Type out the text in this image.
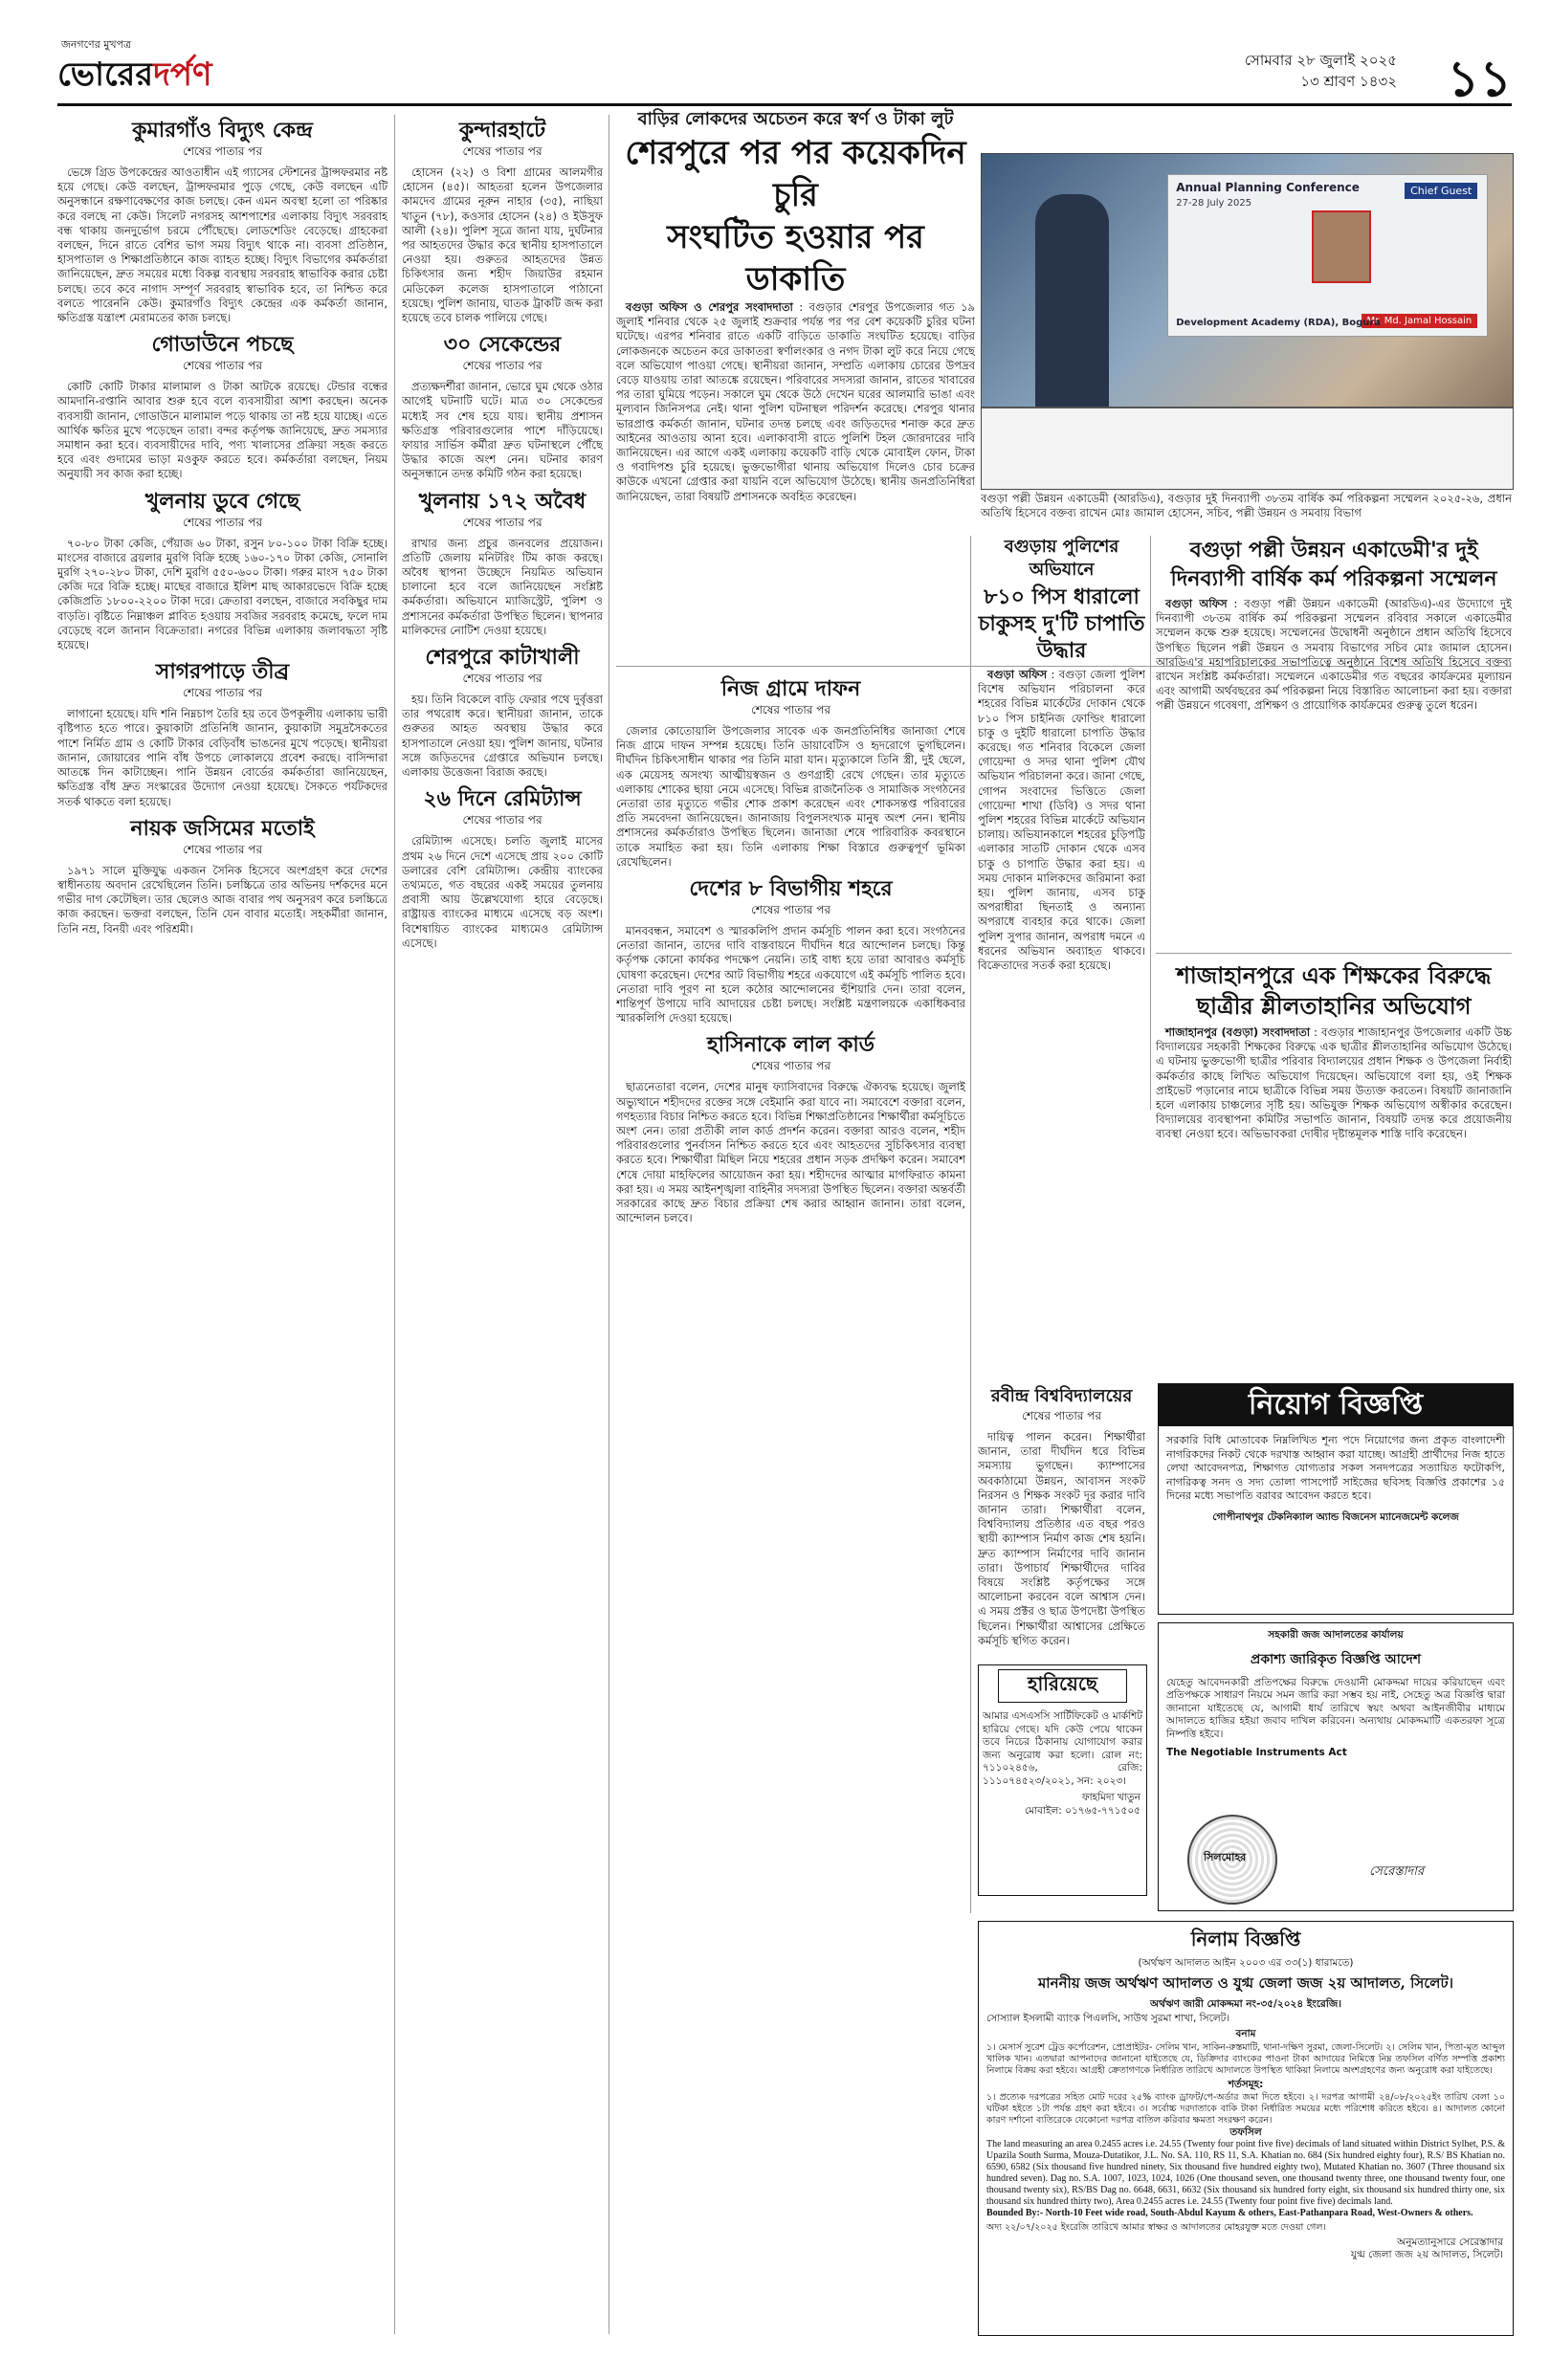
জনগণের মুখপত্র
ভোরেরদর্পণ	সোমবার ২৮ জুলাই ২০২৫
১৩ শ্রাবণ ১৪৩২ ১১
কুমারগাঁও বিদ্যুৎ কেন্দ্র
শেষের পাতার পর

ভেঙ্গে গ্রিড উপকেন্দ্রের আওতাধীন এই গ্যাসের স্টেশনের ট্রান্সফরমার নষ্ট হয়ে গেছে। কেউ বলছেন, ট্রান্সফরমার পুড়ে গেছে, কেউ বলছেন এটি অনুসন্ধানে রক্ষণাবেক্ষণের কাজ চলছে। কেন এমন অবস্থা হলো তা পরিষ্কার করে বলছে না কেউ। সিলেট নগরসহ আশপাশের এলাকায় বিদ্যুৎ সরবরাহ বন্ধ থাকায় জনদুর্ভোগ চরমে পৌঁছেছে। লোডশেডিং বেড়েছে। গ্রাহকেরা বলছেন, দিনে রাতে বেশির ভাগ সময় বিদ্যুৎ থাকে না। ব্যবসা প্রতিষ্ঠান, হাসপাতাল ও শিক্ষাপ্রতিষ্ঠানে কাজ ব্যাহত হচ্ছে। বিদ্যুৎ বিভাগের কর্মকর্তারা জানিয়েছেন, দ্রুত সময়ের মধ্যে বিকল্প ব্যবস্থায় সরবরাহ স্বাভাবিক করার চেষ্টা চলছে। তবে কবে নাগাদ সম্পূর্ণ সরবরাহ স্বাভাবিক হবে, তা নিশ্চিত করে বলতে পারেননি কেউ। কুমারগাঁও বিদ্যুৎ কেন্দ্রের এক কর্মকর্তা জানান, ক্ষতিগ্রস্ত যন্ত্রাংশ মেরামতের কাজ চলছে।

গোডাউনে পচছে
শেষের পাতার পর

কোটি কোটি টাকার মালামাল ও টাকা আটকে রয়েছে। টেন্ডার বন্ধের আমদানি-রপ্তানি আবার শুরু হবে বলে ব্যবসায়ীরা আশা করছেন। অনেক ব্যবসায়ী জানান, গোডাউনে মালামাল পড়ে থাকায় তা নষ্ট হয়ে যাচ্ছে। এতে আর্থিক ক্ষতির মুখে পড়েছেন তারা। বন্দর কর্তৃপক্ষ জানিয়েছে, দ্রুত সমস্যার সমাধান করা হবে। ব্যবসায়ীদের দাবি, পণ্য খালাসের প্রক্রিয়া সহজ করতে হবে এবং গুদামের ভাড়া মওকুফ করতে হবে। কর্মকর্তারা বলছেন, নিয়ম অনুযায়ী সব কাজ করা হচ্ছে।

খুলনায় ডুবে গেছে
শেষের পাতার পর

৭০-৮০ টাকা কেজি, পেঁয়াজ ৬০ টাকা, রসুন ৮০-১০০ টাকা বিক্রি হচ্ছে। মাংসের বাজারে ব্রয়লার মুরগি বিক্রি হচ্ছে ১৬০-১৭০ টাকা কেজি, সোনালি মুরগি ২৭০-২৮০ টাকা, দেশি মুরগি ৫৫০-৬০০ টাকা। গরুর মাংস ৭৫০ টাকা কেজি দরে বিক্রি হচ্ছে। মাছের বাজারে ইলিশ মাছ আকারভেদে বিক্রি হচ্ছে কেজিপ্রতি ১৮০০-২২০০ টাকা দরে। ক্রেতারা বলছেন, বাজারে সবকিছুর দাম বাড়তি। বৃষ্টিতে নিম্নাঞ্চল প্লাবিত হওয়ায় সবজির সরবরাহ কমেছে, ফলে দাম বেড়েছে বলে জানান বিক্রেতারা। নগরের বিভিন্ন এলাকায় জলাবদ্ধতা সৃষ্টি হয়েছে।

সাগরপাড়ে তীব্র
শেষের পাতার পর

লাগানো হয়েছে। যদি শনি নিম্নচাপ তৈরি হয় তবে উপকূলীয় এলাকায় ভারী বৃষ্টিপাত হতে পারে। কুয়াকাটা প্রতিনিধি জানান, কুয়াকাটা সমুদ্রসৈকতের পাশে নির্মিত গ্রাম ও কোটি টাকার বেড়িবাঁধ ভাঙনের মুখে পড়েছে। স্থানীয়রা জানান, জোয়ারের পানি বাঁধ উপচে লোকালয়ে প্রবেশ করছে। বাসিন্দারা আতঙ্কে দিন কাটাচ্ছেন। পানি উন্নয়ন বোর্ডের কর্মকর্তারা জানিয়েছেন, ক্ষতিগ্রস্ত বাঁধ দ্রুত সংস্কারের উদ্যোগ নেওয়া হয়েছে। সৈকতে পর্যটকদের সতর্ক থাকতে বলা হয়েছে।

নায়ক জসিমের মতোই
শেষের পাতার পর

১৯৭১ সালে মুক্তিযুদ্ধ একজন সৈনিক হিসেবে অংশগ্রহণ করে দেশের স্বাধীনতায় অবদান রেখেছিলেন তিনি। চলচ্চিত্রে তার অভিনয় দর্শকদের মনে গভীর দাগ কেটেছিল। তার ছেলেও আজ বাবার পথ অনুসরণ করে চলচ্চিত্রে কাজ করছেন। ভক্তরা বলছেন, তিনি যেন বাবার মতোই। সহকর্মীরা জানান, তিনি নম্র, বিনয়ী এবং পরিশ্রমী।

কুন্দারহাটে
শেষের পাতার পর

হোসেন (২২) ও বিশা গ্রামের আলমগীর হোসেন (৪৫)। আহতরা হলেন উপজেলার কামদেব গ্রামের নূরুন নাহার (৩৫), নাছিয়া খাতুন (৭৮), কওসার হোসেন (২৪) ও ইউসুফ আলী (২৪)। পুলিশ সূত্রে জানা যায়, দুর্ঘটনার পর আহতদের উদ্ধার করে স্থানীয় হাসপাতালে নেওয়া হয়। গুরুতর আহতদের উন্নত চিকিৎসার জন্য শহীদ জিয়াউর রহমান মেডিকেল কলেজ হাসপাতালে পাঠানো হয়েছে। পুলিশ জানায়, ঘাতক ট্রাকটি জব্দ করা হয়েছে তবে চালক পালিয়ে গেছে।

৩০ সেকেন্ডের
শেষের পাতার পর

প্রত্যক্ষদর্শীরা জানান, ভোরে ঘুম থেকে ওঠার আগেই ঘটনাটি ঘটে। মাত্র ৩০ সেকেন্ডের মধ্যেই সব শেষ হয়ে যায়। স্থানীয় প্রশাসন ক্ষতিগ্রস্ত পরিবারগুলোর পাশে দাঁড়িয়েছে। ফায়ার সার্ভিস কর্মীরা দ্রুত ঘটনাস্থলে পৌঁছে উদ্ধার কাজে অংশ নেন। ঘটনার কারণ অনুসন্ধানে তদন্ত কমিটি গঠন করা হয়েছে।

খুলনায় ১৭২ অবৈধ
শেষের পাতার পর

রাখার জন্য প্রচুর জনবলের প্রয়োজন। প্রতিটি জেলায় মনিটরিং টিম কাজ করছে। অবৈধ স্থাপনা উচ্ছেদে নিয়মিত অভিযান চালানো হবে বলে জানিয়েছেন সংশ্লিষ্ট কর্মকর্তারা। অভিযানে ম্যাজিস্ট্রেট, পুলিশ ও প্রশাসনের কর্মকর্তারা উপস্থিত ছিলেন। স্থাপনার মালিকদের নোটিশ দেওয়া হয়েছে।

শেরপুরে কাটাখালী
শেষের পাতার পর

হয়। তিনি বিকেলে বাড়ি ফেরার পথে দুর্বৃত্তরা তার পথরোধ করে। স্থানীয়রা জানান, তাকে গুরুতর আহত অবস্থায় উদ্ধার করে হাসপাতালে নেওয়া হয়। পুলিশ জানায়, ঘটনার সঙ্গে জড়িতদের গ্রেপ্তারে অভিযান চলছে। এলাকায় উত্তেজনা বিরাজ করছে।

২৬ দিনে রেমিট্যান্স
শেষের পাতার পর

রেমিট্যান্স এসেছে। চলতি জুলাই মাসের প্রথম ২৬ দিনে দেশে এসেছে প্রায় ২০০ কোটি ডলারের বেশি রেমিট্যান্স। কেন্দ্রীয় ব্যাংকের তথ্যমতে, গত বছরের একই সময়ের তুলনায় প্রবাসী আয় উল্লেখযোগ্য হারে বেড়েছে। রাষ্ট্রায়ত্ত ব্যাংকের মাধ্যমে এসেছে বড় অংশ। বিশেষায়িত ব্যাংকের মাধ্যমেও রেমিট্যান্স এসেছে।

বাড়ির লোকদের অচেতন করে স্বর্ণ ও টাকা লুট

শেরপুরে পর পর কয়েকদিন চুরি

সংঘটিত হওয়ার পর ডাকাতি

বগুড়া অফিস ও শেরপুর সংবাদদাতা : বগুড়ার শেরপুর উপজেলার গত ১৯ জুলাই শনিবার থেকে ২৫ জুলাই শুক্রবার পর্যন্ত পর পর বেশ কয়েকটি চুরির ঘটনা ঘটেছে। এরপর শনিবার রাতে একটি বাড়িতে ডাকাতি সংঘটিত হয়েছে। বাড়ির লোকজনকে অচেতন করে ডাকাতরা স্বর্ণালংকার ও নগদ টাকা লুট করে নিয়ে গেছে বলে অভিযোগ পাওয়া গেছে। স্থানীয়রা জানান, সম্প্রতি এলাকায় চোরের উপদ্রব বেড়ে যাওয়ায় তারা আতঙ্কে রয়েছেন। পরিবারের সদস্যরা জানান, রাতের খাবারের পর তারা ঘুমিয়ে পড়েন। সকালে ঘুম থেকে উঠে দেখেন ঘরের আলমারি ভাঙা এবং মূল্যবান জিনিসপত্র নেই। থানা পুলিশ ঘটনাস্থল পরিদর্শন করেছে। শেরপুর থানার ভারপ্রাপ্ত কর্মকর্তা জানান, ঘটনার তদন্ত চলছে এবং জড়িতদের শনাক্ত করে দ্রুত আইনের আওতায় আনা হবে। এলাকাবাসী রাতে পুলিশি টহল জোরদারের দাবি জানিয়েছেন। এর আগে একই এলাকায় কয়েকটি বাড়ি থেকে মোবাইল ফোন, টাকা ও গবাদিপশু চুরি হয়েছে। ভুক্তভোগীরা থানায় অভিযোগ দিলেও চোর চক্রের কাউকে এখনো গ্রেপ্তার করা যায়নি বলে অভিযোগ উঠেছে। স্থানীয় জনপ্রতিনিধিরা জানিয়েছেন, তারা বিষয়টি প্রশাসনকে অবহিত করেছেন।

Annual Planning Conference
27-28 July 2025
Chief Guest
Mr. Md. Jamal Hossain
Development Academy (RDA), Bogura
বগুড়া পল্লী উন্নয়ন একাডেমী (আরডিএ), বগুড়ার দুই দিনব্যাপী ৩৮তম বার্ষিক কর্ম পরিকল্পনা সম্মেলন ২০২৫-২৬, প্রধান অতিথি হিসেবে বক্তব্য রাখেন মোঃ জামাল হোসেন, সচিব, পল্লী উন্নয়ন ও সমবায় বিভাগ
নিজ গ্রামে দাফন
শেষের পাতার পর

জেলার কোতোয়ালি উপজেলার সাবেক এক জনপ্রতিনিধির জানাজা শেষে নিজ গ্রামে দাফন সম্পন্ন হয়েছে। তিনি ডায়াবেটিস ও হৃদরোগে ভুগছিলেন। দীর্ঘদিন চিকিৎসাধীন থাকার পর তিনি মারা যান। মৃত্যুকালে তিনি স্ত্রী, দুই ছেলে, এক মেয়েসহ অসংখ্য আত্মীয়স্বজন ও গুণগ্রাহী রেখে গেছেন। তার মৃত্যুতে এলাকায় শোকের ছায়া নেমে এসেছে। বিভিন্ন রাজনৈতিক ও সামাজিক সংগঠনের নেতারা তার মৃত্যুতে গভীর শোক প্রকাশ করেছেন এবং শোকসন্তপ্ত পরিবারের প্রতি সমবেদনা জানিয়েছেন। জানাজায় বিপুলসংখ্যক মানুষ অংশ নেন। স্থানীয় প্রশাসনের কর্মকর্তারাও উপস্থিত ছিলেন। জানাজা শেষে পারিবারিক কবরস্থানে তাকে সমাহিত করা হয়। তিনি এলাকায় শিক্ষা বিস্তারে গুরুত্বপূর্ণ ভূমিকা রেখেছিলেন।

দেশের ৮ বিভাগীয় শহরে
শেষের পাতার পর

মানববন্ধন, সমাবেশ ও স্মারকলিপি প্রদান কর্মসূচি পালন করা হবে। সংগঠনের নেতারা জানান, তাদের দাবি বাস্তবায়নে দীর্ঘদিন ধরে আন্দোলন চলছে। কিন্তু কর্তৃপক্ষ কোনো কার্যকর পদক্ষেপ নেয়নি। তাই বাধ্য হয়ে তারা আবারও কর্মসূচি ঘোষণা করেছেন। দেশের আট বিভাগীয় শহরে একযোগে এই কর্মসূচি পালিত হবে। নেতারা দাবি পূরণ না হলে কঠোর আন্দোলনের হুঁশিয়ারি দেন। তারা বলেন, শান্তিপূর্ণ উপায়ে দাবি আদায়ের চেষ্টা চলছে। সংশ্লিষ্ট মন্ত্রণালয়কে একাধিকবার স্মারকলিপি দেওয়া হয়েছে।

হাসিনাকে লাল কার্ড
শেষের পাতার পর

ছাত্রনেতারা বলেন, দেশের মানুষ ফ্যাসিবাদের বিরুদ্ধে ঐক্যবদ্ধ হয়েছে। জুলাই অভ্যুত্থানে শহীদদের রক্তের সঙ্গে বেইমানি করা যাবে না। সমাবেশে বক্তারা বলেন, গণহত্যার বিচার নিশ্চিত করতে হবে। বিভিন্ন শিক্ষাপ্রতিষ্ঠানের শিক্ষার্থীরা কর্মসূচিতে অংশ নেন। তারা প্রতীকী লাল কার্ড প্রদর্শন করেন। বক্তারা আরও বলেন, শহীদ পরিবারগুলোর পুনর্বাসন নিশ্চিত করতে হবে এবং আহতদের সুচিকিৎসার ব্যবস্থা করতে হবে। শিক্ষার্থীরা মিছিল নিয়ে শহরের প্রধান সড়ক প্রদক্ষিণ করেন। সমাবেশ শেষে দোয়া মাহফিলের আয়োজন করা হয়। শহীদদের আত্মার মাগফিরাত কামনা করা হয়। এ সময় আইনশৃঙ্খলা বাহিনীর সদস্যরা উপস্থিত ছিলেন। বক্তারা অন্তর্বর্তী সরকারের কাছে দ্রুত বিচার প্রক্রিয়া শেষ করার আহ্বান জানান। তারা বলেন, আন্দোলন চলবে।

বগুড়ায় পুলিশের অভিযানে

৮১০ পিস ধারালো চাকুসহ দু'টি চাপাতি উদ্ধার

বগুড়া অফিস : বগুড়া জেলা পুলিশ বিশেষ অভিযান পরিচালনা করে শহরের বিভিন্ন মার্কেটের দোকান থেকে ৮১০ পিস চাইনিজ ফোল্ডিং ধারালো চাকু ও দুইটি ধারালো চাপাতি উদ্ধার করেছে। গত শনিবার বিকেলে জেলা গোয়েন্দা ও সদর থানা পুলিশ যৌথ অভিযান পরিচালনা করে। জানা গেছে, গোপন সংবাদের ভিত্তিতে জেলা গোয়েন্দা শাখা (ডিবি) ও সদর থানা পুলিশ শহরের বিভিন্ন মার্কেটে অভিযান চালায়। অভিযানকালে শহরের চুড়িপট্টি এলাকার সাতটি দোকান থেকে এসব চাকু ও চাপাতি উদ্ধার করা হয়। এ সময় দোকান মালিকদের জরিমানা করা হয়। পুলিশ জানায়, এসব চাকু অপরাধীরা ছিনতাই ও অন্যান্য অপরাধে ব্যবহার করে থাকে। জেলা পুলিশ সুপার জানান, অপরাধ দমনে এ ধরনের অভিযান অব্যাহত থাকবে। বিক্রেতাদের সতর্ক করা হয়েছে।

বগুড়া পল্লী উন্নয়ন একাডেমী'র দুই দিনব্যাপী বার্ষিক কর্ম পরিকল্পনা সম্মেলন

বগুড়া অফিস : বগুড়া পল্লী উন্নয়ন একাডেমী (আরডিএ)-এর উদ্যোগে দুই দিনব্যাপী ৩৮তম বার্ষিক কর্ম পরিকল্পনা সম্মেলন রবিবার সকালে একাডেমীর সম্মেলন কক্ষে শুরু হয়েছে। সম্মেলনের উদ্বোধনী অনুষ্ঠানে প্রধান অতিথি হিসেবে উপস্থিত ছিলেন পল্লী উন্নয়ন ও সমবায় বিভাগের সচিব মোঃ জামাল হোসেন। আরডিএ'র মহাপরিচালকের সভাপতিত্বে অনুষ্ঠানে বিশেষ অতিথি হিসেবে বক্তব্য রাখেন সংশ্লিষ্ট কর্মকর্তারা। সম্মেলনে একাডেমীর গত বছরের কার্যক্রমের মূল্যায়ন এবং আগামী অর্থবছরের কর্ম পরিকল্পনা নিয়ে বিস্তারিত আলোচনা করা হয়। বক্তারা পল্লী উন্নয়নে গবেষণা, প্রশিক্ষণ ও প্রায়োগিক কার্যক্রমের গুরুত্ব তুলে ধরেন।

শাজাহানপুরে এক শিক্ষকের বিরুদ্ধে ছাত্রীর শ্লীলতাহানির অভিযোগ

শাজাহানপুর (বগুড়া) সংবাদদাতা : বগুড়ার শাজাহানপুর উপজেলার একটি উচ্চ বিদ্যালয়ের সহকারী শিক্ষকের বিরুদ্ধে এক ছাত্রীর শ্লীলতাহানির অভিযোগ উঠেছে। এ ঘটনায় ভুক্তভোগী ছাত্রীর পরিবার বিদ্যালয়ের প্রধান শিক্ষক ও উপজেলা নির্বাহী কর্মকর্তার কাছে লিখিত অভিযোগ দিয়েছেন। অভিযোগে বলা হয়, ওই শিক্ষক প্রাইভেট পড়ানোর নামে ছাত্রীকে বিভিন্ন সময় উত্যক্ত করতেন। বিষয়টি জানাজানি হলে এলাকায় চাঞ্চল্যের সৃষ্টি হয়। অভিযুক্ত শিক্ষক অভিযোগ অস্বীকার করেছেন। বিদ্যালয়ের ব্যবস্থাপনা কমিটির সভাপতি জানান, বিষয়টি তদন্ত করে প্রয়োজনীয় ব্যবস্থা নেওয়া হবে। অভিভাবকরা দোষীর দৃষ্টান্তমূলক শাস্তি দাবি করেছেন।

রবীন্দ্র বিশ্ববিদ্যালয়ের
শেষের পাতার পর

দায়িত্ব পালন করেন। শিক্ষার্থীরা জানান, তারা দীর্ঘদিন ধরে বিভিন্ন সমস্যায় ভুগছেন। ক্যাম্পাসের অবকাঠামো উন্নয়ন, আবাসন সংকট নিরসন ও শিক্ষক সংকট দূর করার দাবি জানান তারা। শিক্ষার্থীরা বলেন, বিশ্ববিদ্যালয় প্রতিষ্ঠার এত বছর পরও স্থায়ী ক্যাম্পাস নির্মাণ কাজ শেষ হয়নি। দ্রুত ক্যাম্পাস নির্মাণের দাবি জানান তারা। উপাচার্য শিক্ষার্থীদের দাবির বিষয়ে সংশ্লিষ্ট কর্তৃপক্ষের সঙ্গে আলোচনা করবেন বলে আশ্বাস দেন। এ সময় প্রক্টর ও ছাত্র উপদেষ্টা উপস্থিত ছিলেন। শিক্ষার্থীরা আশ্বাসের প্রেক্ষিতে কর্মসূচি স্থগিত করেন।

হারিয়েছে
আমার এসএসসি সার্টিফিকেট ও মার্কশিট হারিয়ে গেছে। যদি কেউ পেয়ে থাকেন তবে নিচের ঠিকানায় যোগাযোগ করার জন্য অনুরোধ করা হলো। রোল নং: ৭১১০২৪৫৬, রেজি: ১১১০৭৪৫২৩/২০২১, সন: ২০২৩।
ফাহমিদা খাতুন
মোবাইল: ০১৭৬৫-৭৭১৫০৫

নিয়োগ বিজ্ঞপ্তি

সরকারি বিধি মোতাবেক নিম্নলিখিত শূন্য পদে নিয়োগের জন্য প্রকৃত বাংলাদেশী নাগরিকদের নিকট থেকে দরখাস্ত আহ্বান করা যাচ্ছে। আগ্রহী প্রার্থীদের নিজ হাতে লেখা আবেদনপত্র, শিক্ষাগত যোগ্যতার সকল সনদপত্রের সত্যায়িত ফটোকপি, নাগরিকত্ব সনদ ও সদ্য তোলা পাসপোর্ট সাইজের ছবিসহ বিজ্ঞপ্তি প্রকাশের ১৫ দিনের মধ্যে সভাপতি বরাবর আবেদন করতে হবে।
গোপীনাথপুর টেকনিক্যাল অ্যান্ড বিজনেস ম্যানেজমেন্ট কলেজ
সহকারী জজ আদালতের কার্যালয়
প্রকাশ্য জারিকৃত বিজ্ঞপ্তি আদেশ
যেহেতু আবেদনকারী প্রতিপক্ষের বিরুদ্ধে দেওয়ানী মোকদ্দমা দায়ের করিয়াছেন এবং প্রতিপক্ষকে সাধারণ নিয়মে সমন জারি করা সম্ভব হয় নাই, সেহেতু অত্র বিজ্ঞপ্তি দ্বারা জানানো যাইতেছে যে, আগামী ধার্য তারিখে স্বয়ং অথবা আইনজীবীর মাধ্যমে আদালতে হাজির হইয়া জবাব দাখিল করিবেন। অন্যথায় মোকদ্দমাটি একতরফা সূত্রে নিষ্পত্তি হইবে।
The Negotiable Instruments Act
সিলমোহর
সেরেস্তাদার
নিলাম বিজ্ঞপ্তি
(অর্থঋণ আদালত আইন ২০০৩ এর ৩৩(১) ধারামতে)
মাননীয় জজ অর্থঋণ আদালত ও যুগ্ম জেলা জজ ২য় আদালত, সিলেট।
অর্থঋণ জারী মোকদ্দমা নং-৩৫/২০২৪ ইংরেজি।
সোস্যাল ইসলামী ব্যাংক পিএলসি, সাউথ সুরমা শাখা, সিলেট।
বনাম
১। মেসার্স সুরেশ ট্রেড কর্পোরেশন, প্রোপ্রাইটর- সেলিম খান, সাকিন-রুস্তমাটি, থানা-দক্ষিণ সুরমা, জেলা-সিলেট। ২। সেলিম খান, পিতা-মৃত আব্দুল খালিক খান। এতদ্বারা আপনাদের জানানো যাইতেছে যে, ডিক্রিদার ব্যাংকের পাওনা টাকা আদায়ের নিমিত্তে নিম্ন তফসিল বর্ণিত সম্পত্তি প্রকাশ্য নিলামে বিক্রয় করা হইবে। আগ্রহী ক্রেতাগণকে নির্ধারিত তারিখে আদালতে উপস্থিত থাকিয়া নিলামে অংশগ্রহণের জন্য অনুরোধ করা যাইতেছে।
শর্তসমূহ:
১। প্রত্যেক দরপত্রের সহিত মোট দরের ২৫% ব্যাংক ড্রাফট/পে-অর্ডার জমা দিতে হইবে। ২। দরপত্র আগামী ২৪/০৮/২০২৫ইং তারিখ বেলা ১০ ঘটিকা হইতে ১টা পর্যন্ত গ্রহণ করা হইবে। ৩। সর্বোচ্চ দরদাতাকে বাকি টাকা নির্ধারিত সময়ের মধ্যে পরিশোধ করিতে হইবে। ৪। আদালত কোনো কারণ দর্শানো ব্যতিরেকে যেকোনো দরপত্র বাতিল করিবার ক্ষমতা সংরক্ষণ করেন।
তফসিল
The land measuring an area 0.2455 acres i.e. 24.55 (Twenty four point five five) decimals of land situated within District Sylhet, P.S. & Upazila South Surma, Mouza-Dutatikor, J.L. No. SA. 110, RS 11, S.A. Khatian no. 684 (Six hundred eighty four), R.S/ BS Khatian no. 6590, 6582 (Six thousand five hundred ninety, Six thousand five hundred eighty two), Mutated Khatian no. 3607 (Three thousand six hundred seven). Dag no. S.A. 1007, 1023, 1024, 1026 (One thousand seven, one thousand twenty three, one thousand twenty four, one thousand twenty six), RS/BS Dag no. 6648, 6631, 6632 (Six thousand six hundred forty eight, six thousand six hundred thirty one, six thousand six hundred thirty two), Area 0.2455 acres i.e. 24.55 (Twenty four point five five) decimals land.
Bounded By:- North-10 Feet wide road, South-Abdul Kayum & others, East-Pathanpara Road, West-Owners & others.
অদ্য ২২/০৭/২০২৫ ইংরেজি তারিখে আমার স্বাক্ষর ও আদালতের মোহরযুক্ত মতে দেওয়া গেল।
অনুমত্যানুসারে সেরেস্তাদার
যুগ্ম জেলা জজ ২য় আদালত, সিলেট।
